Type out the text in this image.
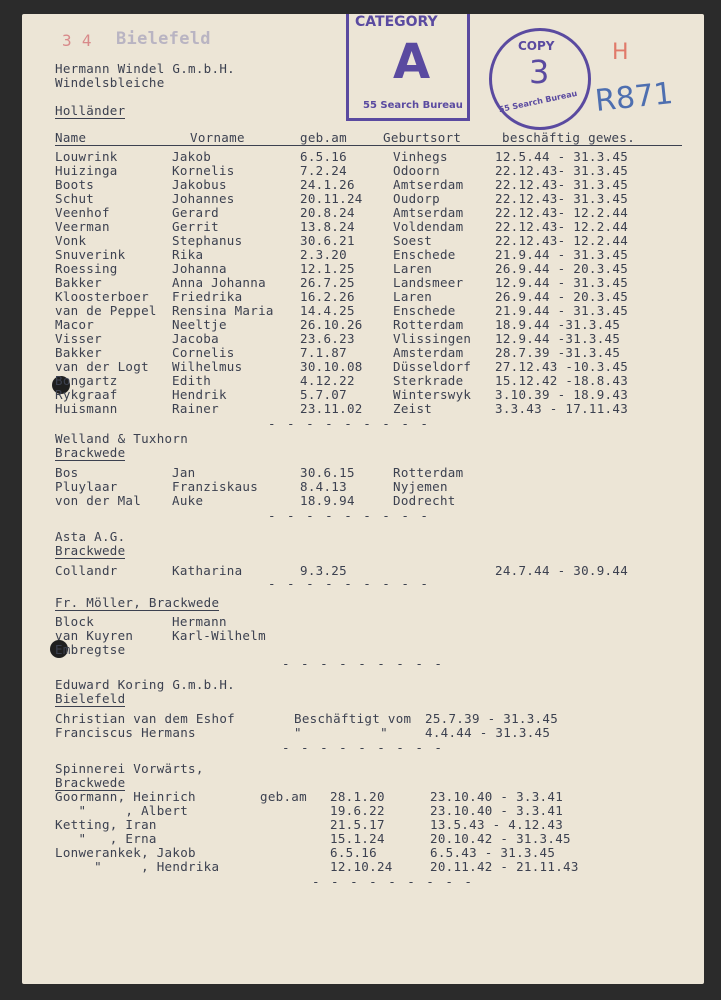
3 4 Bielefeld
CATEGORY
A
55 Search Bureau
COPY
3
55 Search Bureau
H
R871
Hermann Windel G.m.b.H.
Windelsbleiche
Holländer
Name	Vorname	geb.am	Geburtsort	beschäftig gewes.
Louwrink	Jakob	6.5.16	Vinhegs	12.5.44 - 31.3.45
Huizinga	Kornelis	7.2.24	Odoorn	22.12.43- 31.3.45
Boots	Jakobus	24.1.26	Amtserdam	22.12.43- 31.3.45
Schut	Johannes	20.11.24 Oudorp	22.12.43- 31.3.45
Veenhof	Gerard	20.8.24	Amtserdam	22.12.43- 12.2.44
Veerman	Gerrit	13.8.24	Voldendam	22.12.43- 12.2.44
Vonk	Stephanus	30.6.21	Soest	22.12.43- 12.2.44
Snuverink	Rika	2.3.20	Enschede	21.9.44 - 31.3.45
Roessing	Johanna	12.1.25	Laren	26.9.44 - 20.3.45
Bakker	Anna Johanna	26.7.25	Landsmeer	12.9.44 - 31.3.45
Kloosterboer Friedrika	16.2.26	Laren	26.9.44 - 20.3.45
van de Peppel Rensina Maria 14.4.25	Enschede	21.9.44 - 31.3.45
Macor	Neeltje	26.10.26 Rotterdam	18.9.44 -31.3.45
Visser	Jacoba	23.6.23	Vlissingen 12.9.44 -31.3.45
Bakker	Cornelis	7.1.87	Amsterdam	28.7.39 -31.3.45
van der Logt Wilhelmus	30.10.08 Düsseldorf 27.12.43 -10.3.45
Bongartz	Edith	4.12.22	Sterkrade	15.12.42 -18.8.43
Rykgraaf	Hendrik	5.7.07	Winterswyk 3.10.39 - 18.9.43
Huismann	Rainer	23.11.02 Zeist	3.3.43 - 17.11.43
- - - - - - - - -
Welland & Tuxhorn
Brackwede
Bos	Jan	30.6.15	Rotterdam
Pluylaar	Franziskaus	8.4.13	Nyjemen
von der Mal Auke	18.9.94	Dodrecht
- - - - - - - - -
Asta A.G.
Brackwede
Collandr	Katharina	9.3.25	24.7.44 - 30.9.44
- - - - - - - - -
Fr. Möller, Brackwede
Block	Hermann
van Kuyren	Karl-Wilhelm
Embregtse
- - - - - - - - -
Eduward Koring G.m.b.H.
Bielefeld
Christian van dem Eshof	Beschäftigt vom 25.7.39 - 31.3.45
Franciscus Hermans	"          "	4.4.44 - 31.3.45
- - - - - - - - -
Spinnerei Vorwärts,
Brackwede
geb.am
Goormann, Heinrich	28.1.20	23.10.40 - 3.3.41
"     , Albert	19.6.22	23.10.40 - 3.3.41
Ketting, Iran	21.5.17	13.5.43 - 4.12.43
"   , Erna	15.1.24	20.10.42 - 31.3.45
Lonwerankek, Jakob	6.5.16	6.5.43 - 31.3.45
"     , Hendrika	12.10.24	20.11.42 - 21.11.43
- - - - - - - - -
